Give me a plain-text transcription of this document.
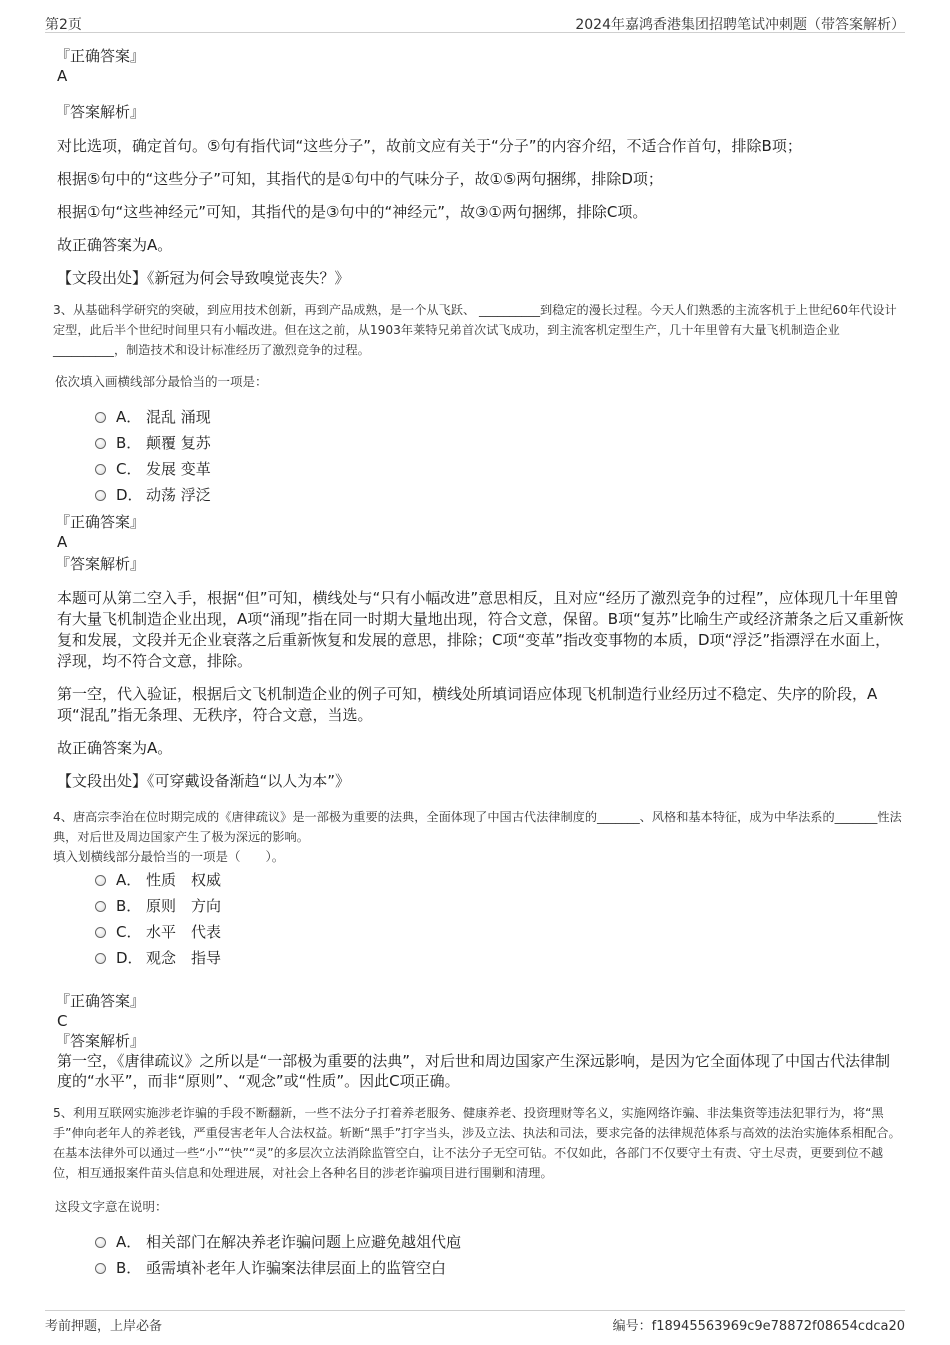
第2页	2024年嘉鸿香港集团招聘笔试冲刺题（带答案解析）

『正确答案』

A

『答案解析』

对比选项，确定首句。⑤句有指代词“这些分子”，故前文应有关于“分子”的内容介绍，不适合作首句，排除B项；

根据⑤句中的“这些分子”可知，其指代的是①句中的气味分子，故①⑤两句捆绑，排除D项；

根据①句“这些神经元”可知，其指代的是③句中的“神经元”，故③①两句捆绑，排除C项。

故正确答案为A。

【文段出处】《新冠为何会导致嗅觉丧失？》

3、从基础科学研究的突破，到应用技术创新，再到产品成熟，是一个从飞跃、 __________到稳定的漫长过程。今天人们熟悉的主流客机于上世纪60年代设计定型，此后半个世纪时间里只有小幅改进。但在这之前，从1903年莱特兄弟首次试飞成功，到主流客机定型生产，几十年里曾有大量飞机制造企业 __________，制造技术和设计标准经历了激烈竞争的过程。

依次填入画横线部分最恰当的一项是：

A． 混乱 涌现
B． 颠覆 复苏
C． 发展 变革
D． 动荡 浮泛

『正确答案』

A

『答案解析』

本题可从第二空入手，根据“但”可知，横线处与“只有小幅改进”意思相反，且对应“经历了激烈竞争的过程”，应体现几十年里曾有大量飞机制造企业出现，A项“涌现”指在同一时期大量地出现，符合文意，保留。B项“复苏”比喻生产或经济萧条之后又重新恢复和发展，文段并无企业衰落之后重新恢复和发展的意思，排除；C项“变革”指改变事物的本质，D项“浮泛”指漂浮在水面上，浮现，均不符合文意，排除。

第一空，代入验证，根据后文飞机制造企业的例子可知，横线处所填词语应体现飞机制造行业经历过不稳定、失序的阶段，A项“混乱”指无条理、无秩序，符合文意，当选。

故正确答案为A。

【文段出处】《可穿戴设备渐趋“以人为本”》

4、唐高宗李治在位时期完成的《唐律疏议》是一部极为重要的法典，全面体现了中国古代法律制度的_______、风格和基本特征，成为中华法系的_______性法典，对后世及周边国家产生了极为深远的影响。

填入划横线部分最恰当的一项是（　　）。

A． 性质　权威
B． 原则　方向
C． 水平　代表
D． 观念　指导

『正确答案』

C

『答案解析』

第一空，《唐律疏议》之所以是“一部极为重要的法典”，对后世和周边国家产生深远影响，是因为它全面体现了中国古代法律制度的“水平”，而非“原则”、“观念”或“性质”。因此C项正确。

5、利用互联网实施涉老诈骗的手段不断翻新，一些不法分子打着养老服务、健康养老、投资理财等名义，实施网络诈骗、非法集资等违法犯罪行为，将“黑手”伸向老年人的养老钱，严重侵害老年人合法权益。斩断“黑手”打字当头，涉及立法、执法和司法，要求完备的法律规范体系与高效的法治实施体系相配合。在基本法律外可以通过一些“小”“快”“灵”的多层次立法消除监管空白，让不法分子无空可钻。不仅如此，各部门不仅要守土有责、守土尽责，更要到位不越位，相互通报案件苗头信息和处理进展，对社会上各种名目的涉老诈骗项目进行围剿和清理。

这段文字意在说明：

A． 相关部门在解决养老诈骗问题上应避免越俎代庖
B． 亟需填补老年人诈骗案法律层面上的监管空白
考前押题，上岸必备	编号：f18945563969c9e78872f08654cdca20
